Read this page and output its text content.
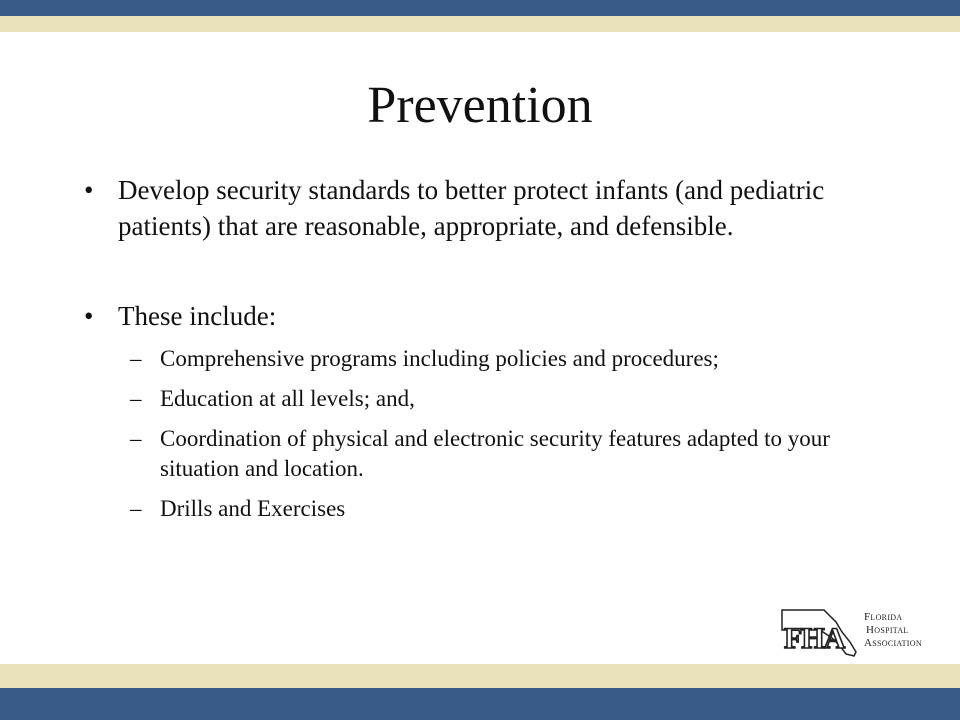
Prevention
• Develop security standards to better protect infants (and pediatric patients) that are reasonable, appropriate, and defensible.
• These include:
– Comprehensive programs including policies and procedures;
– Education at all levels; and,
– Coordination of physical and electronic security features adapted to your situation and location.
– Drills and Exercises
FHA
Florida
Hospital
Association
